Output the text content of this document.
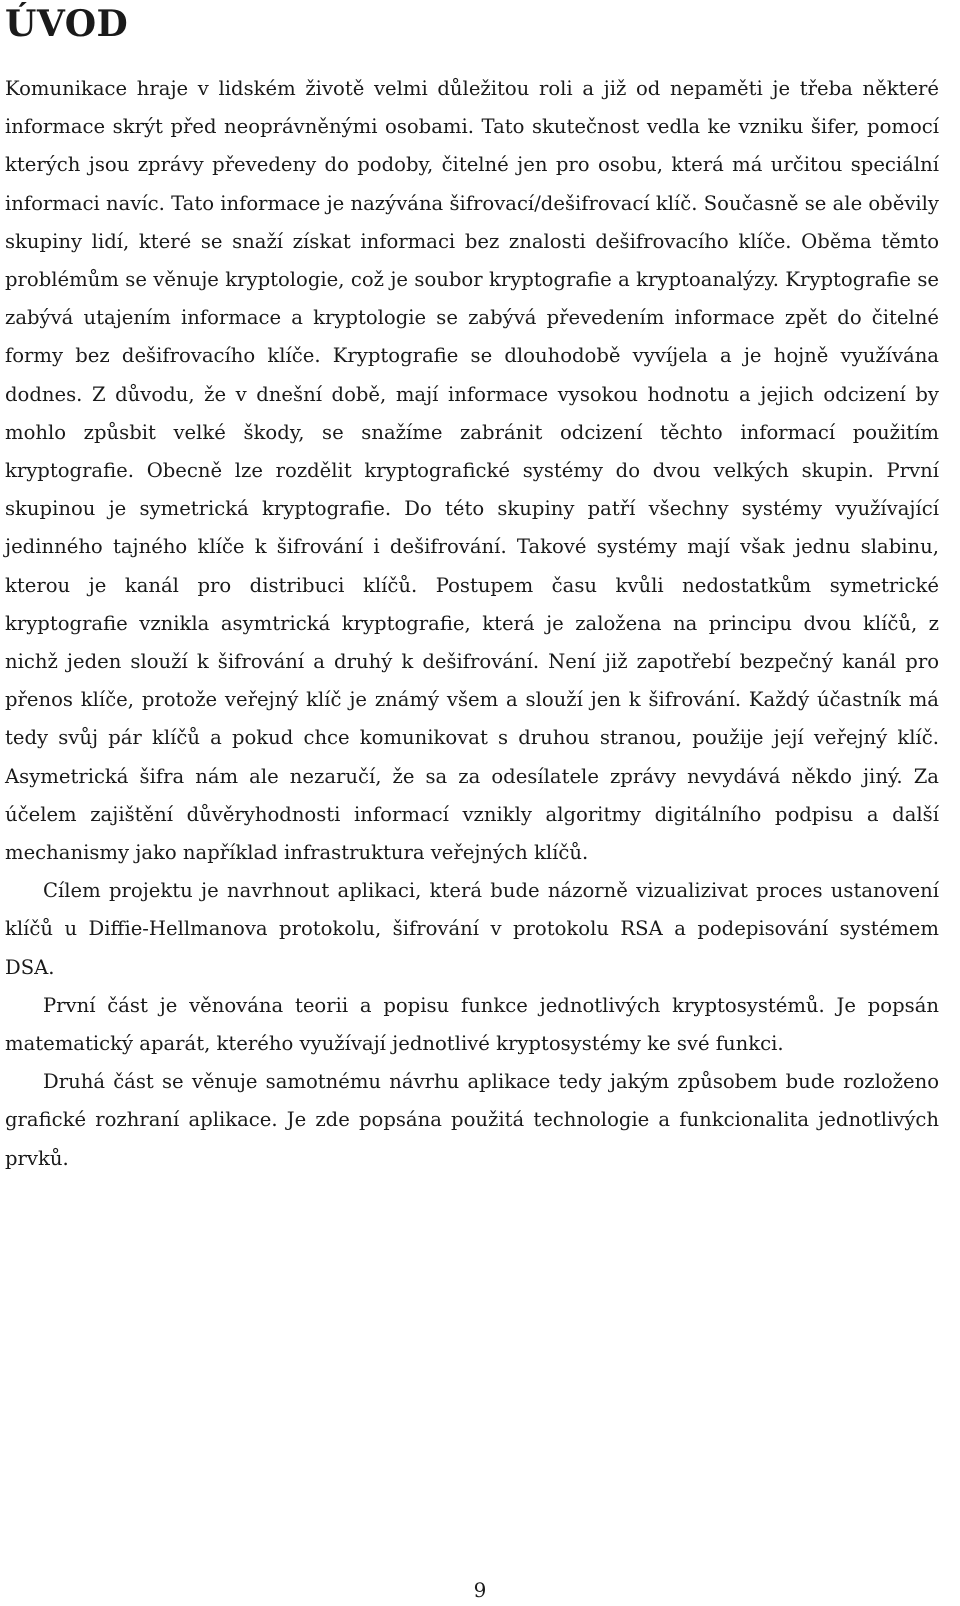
ÚVOD

Komunikace hraje v lidském životě velmi důležitou roli a již od nepaměti je třeba některé informace skrýt před neoprávněnými osobami. Tato skutečnost vedla ke vzniku šifer, pomocí kterých jsou zprávy převedeny do podoby, čitelné jen pro osobu, která má určitou speciální informaci navíc. Tato informace je nazývána šifrovací/dešifrovací klíč. Současně se ale oběvily skupiny lidí, které se snaží získat informaci bez znalosti dešifrovacího klíče. Oběma těmto problémům se věnuje kryptologie, což je soubor kryptografie a kryptoanalýzy. Kryptografie se zabývá utajením informace a kryptologie se zabývá převedením informace zpět do čitelné formy bez dešifrovacího klíče. Kryptografie se dlouhodobě vyvíjela a je hojně využívána dodnes. Z důvodu, že v dnešní době, mají informace vysokou hodnotu a jejich odcizení by mohlo způsbit velké škody, se snažíme zabránit odcizení těchto informací použitím kryptografie. Obecně lze rozdělit kryptografické systémy do dvou velkých skupin. První skupinou je symetrická kryptografie. Do této skupiny patří všechny systémy využívající jedinného tajného klíče k šifrování i dešifrování. Takové systémy mají však jednu slabinu, kterou je kanál pro distribuci klíčů. Postupem času kvůli nedostatkům symetrické kryptografie vznikla asymtrická kryptografie, která je založena na principu dvou klíčů, z nichž jeden slouží k šifrování a druhý k dešifrování. Není již zapotřebí bezpečný kanál pro přenos klíče, protože veřejný klíč je známý všem a slouží jen k šifrování. Každý účastník má tedy svůj pár klíčů a pokud chce komunikovat s druhou stranou, použije její veřejný klíč. Asymetrická šifra nám ale nezaručí, že sa za odesílatele zprávy nevydává někdo jiný. Za účelem zajištění důvěryhodnosti informací vznikly algoritmy digitálního podpisu a další mechanismy jako například infrastruktura veřejných klíčů.

Cílem projektu je navrhnout aplikaci, která bude názorně vizualizivat proces ustanovení klíčů u Diffie-Hellmanova protokolu, šifrování v protokolu RSA a podepisování systémem DSA.

První část je věnována teorii a popisu funkce jednotlivých kryptosystémů. Je popsán matematický aparát, kterého využívají jednotlivé kryptosystémy ke své funkci.

Druhá část se věnuje samotnému návrhu aplikace tedy jakým způsobem bude rozloženo grafické rozhraní aplikace. Je zde popsána použitá technologie a funkcionalita jednotlivých prvků.

9
